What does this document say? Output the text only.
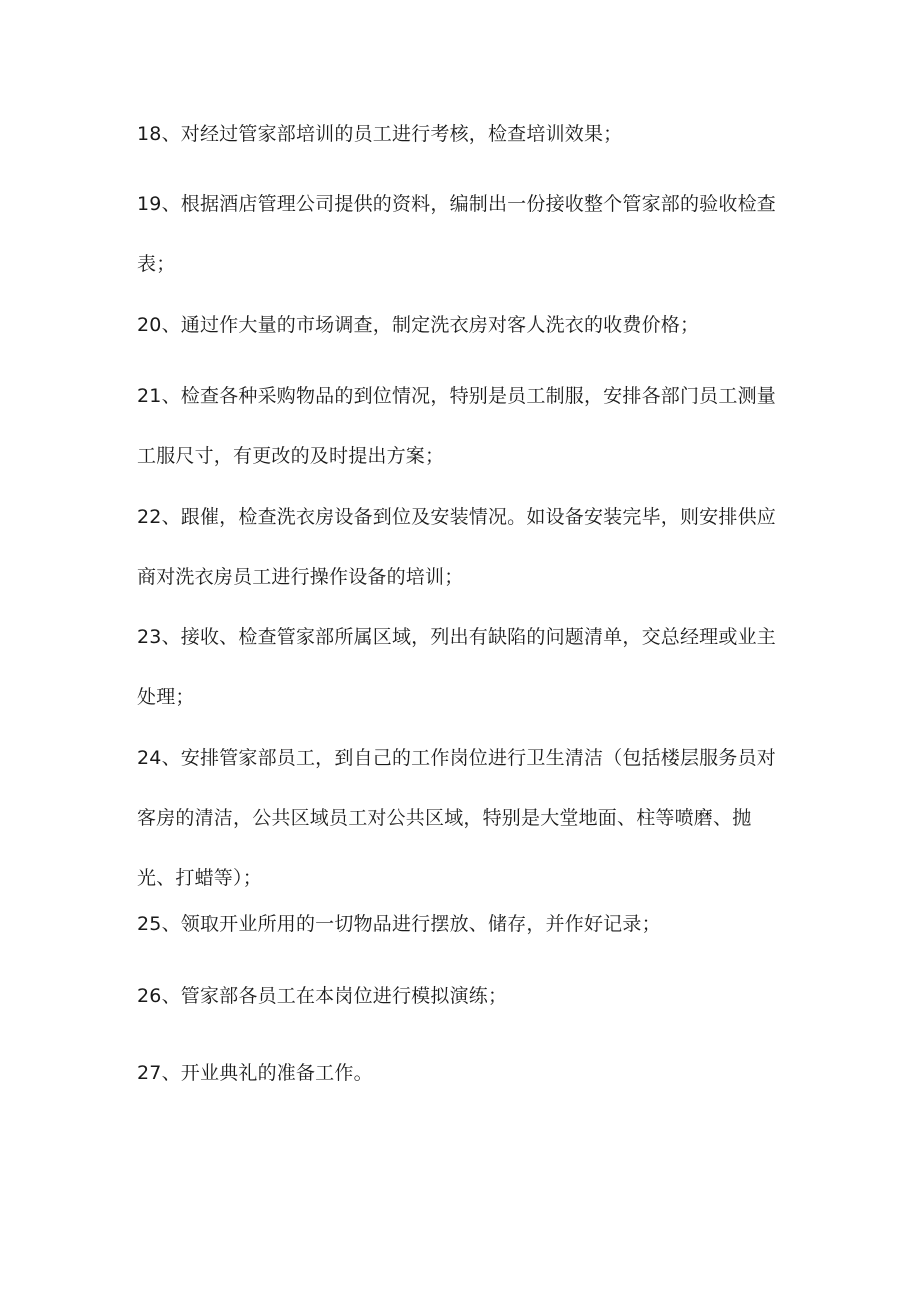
18、对经过管家部培训的员工进行考核，检查培训效果；

19、根据酒店管理公司提供的资料，编制出一份接收整个管家部的验收检查表；

20、通过作大量的市场调查，制定洗衣房对客人洗衣的收费价格；

21、检查各种采购物品的到位情况，特别是员工制服，安排各部门员工测量工服尺寸，有更改的及时提出方案；

22、跟催，检查洗衣房设备到位及安装情况。如设备安装完毕，则安排供应商对洗衣房员工进行操作设备的培训；

23、接收、检查管家部所属区域，列出有缺陷的问题清单，交总经理或业主处理；

24、安排管家部员工，到自己的工作岗位进行卫生清洁（包括楼层服务员对客房的清洁，公共区域员工对公共区域，特别是大堂地面、柱等喷磨、抛光、打蜡等）；

25、领取开业所用的一切物品进行摆放、储存，并作好记录；

26、管家部各员工在本岗位进行模拟演练；

27、开业典礼的准备工作。
